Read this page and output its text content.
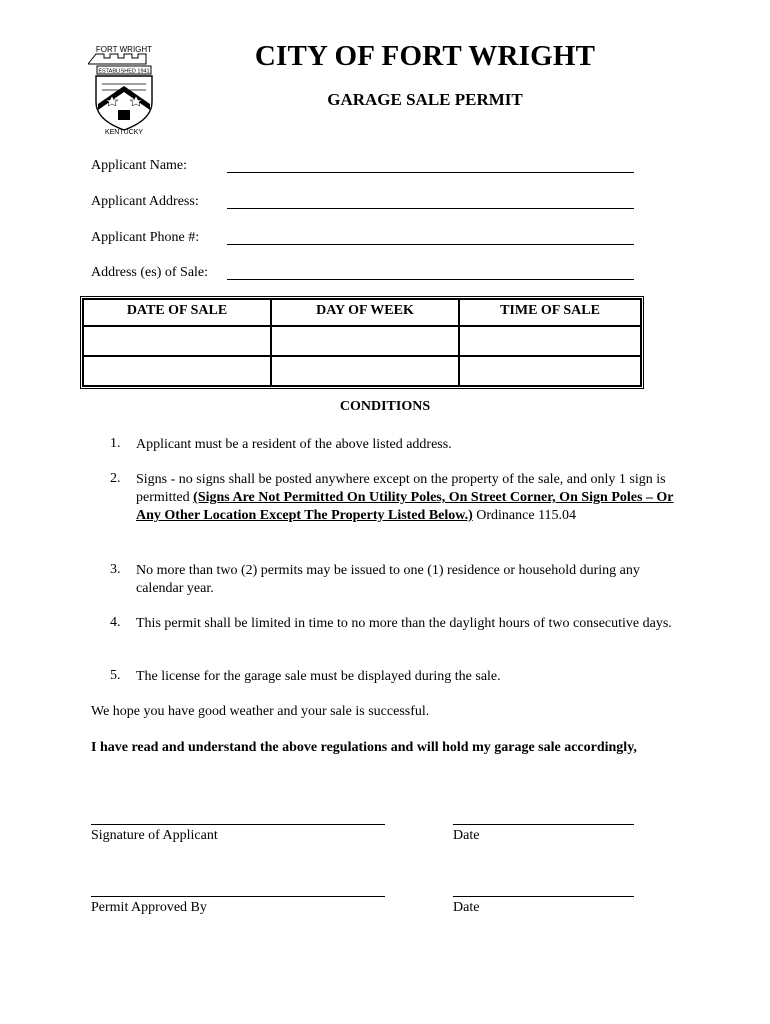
FORT WRIGHT
ESTABLISHED 1941
KENTUCKY
CITY OF FORT WRIGHT
GARAGE SALE PERMIT
Applicant Name:
Applicant Address:
Applicant Phone #:
Address (es) of Sale:
DATE OF SALE	DAY OF WEEK	TIME OF SALE

CONDITIONS
1. Applicant must be a resident of the above listed address.
2. Signs - no signs shall be posted anywhere except on the property of the sale, and only 1 sign is permitted (Signs Are Not Permitted On Utility Poles, On Street Corner, On Sign Poles – Or Any Other Location Except The Property Listed Below.) Ordinance 115.04
3. No more than two (2) permits may be issued to one (1) residence or household during any calendar year.
4. This permit shall be limited in time to no more than the daylight hours of two consecutive days.
5. The license for the garage sale must be displayed during the sale.
We hope you have good weather and your sale is successful.
I have read and understand the above regulations and will hold my garage sale accordingly,
Signature of Applicant	Date
Permit Approved By	Date
